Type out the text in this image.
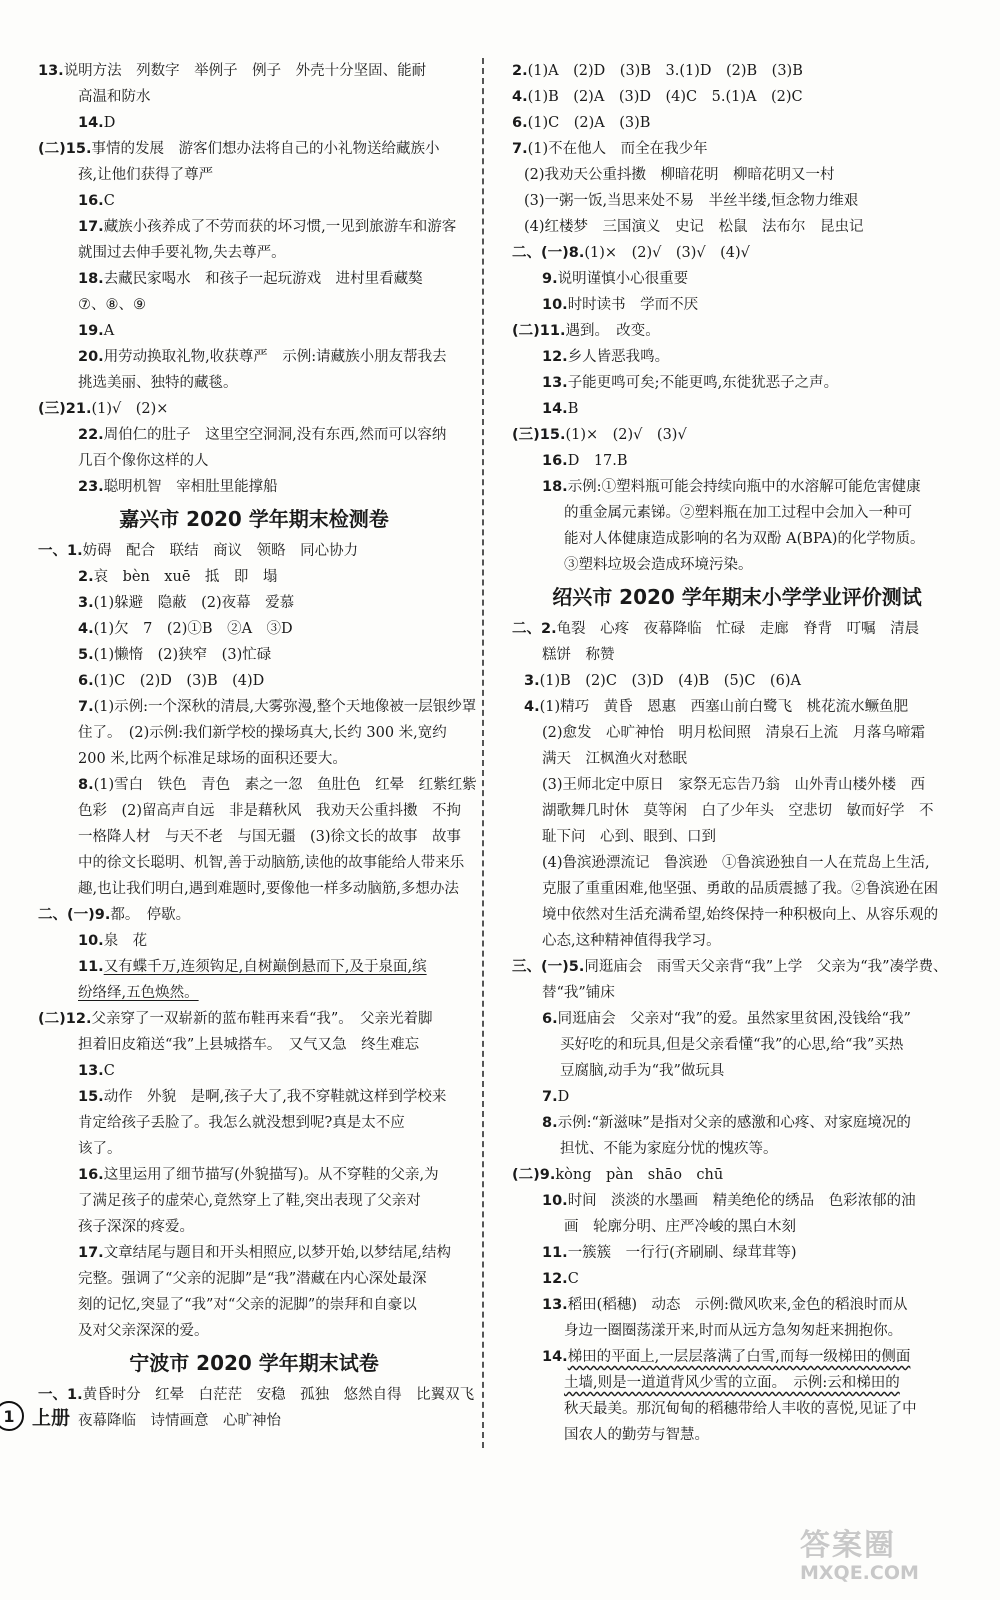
13.说明方法　列数字　举例子　例子　外壳十分坚固、能耐
高温和防水
14.D
(二)15.事情的发展　游客们想办法将自己的小礼物送给藏族小
孩,让他们获得了尊严
16.C
17.藏族小孩养成了不劳而获的坏习惯,一见到旅游车和游客
就围过去伸手要礼物,失去尊严。
18.去藏民家喝水　和孩子一起玩游戏　进村里看藏獒
⑦、⑧、⑨
19.A
20.用劳动换取礼物,收获尊严　示例:请藏族小朋友帮我去
挑选美丽、独特的藏毯。
(三)21.(1)√　(2)×
22.周伯仁的肚子　这里空空洞洞,没有东西,然而可以容纳
几百个像你这样的人
23.聪明机智　宰相肚里能撑船
嘉兴市 2020 学年期末检测卷
一、1.妨碍　配合　联结　商议　领略　同心协力
2.哀　bèn　xuē　抵　即　塌
3.(1)躲避　隐蔽　(2)夜幕　爱慕
4.(1)欠　7　(2)①B　②A　③D
5.(1)懒惰　(2)狭窄　(3)忙碌
6.(1)C　(2)D　(3)B　(4)D
7.(1)示例:一个深秋的清晨,大雾弥漫,整个天地像被一层银纱罩
住了。　(2)示例:我们新学校的操场真大,长约 300 米,宽约
200 米,比两个标准足球场的面积还要大。
8.(1)雪白　铁色　青色　素之一忽　鱼肚色　红晕　红紫红紫
色彩　(2)留高声自远　非是藉秋风　我劝天公重抖擞　不拘
一格降人材　与天不老　与国无疆　(3)徐文长的故事　故事
中的徐文长聪明、机智,善于动脑筋,读他的故事能给人带来乐
趣,也让我们明白,遇到难题时,要像他一样多动脑筋,多想办法
二、(一)9.都。　停歇。
10.泉　花
11.又有蝶千万,连须钩足,自树巅倒悬而下,及于泉面,缤
纷络绎,五色焕然。
(二)12.父亲穿了一双崭新的蓝布鞋再来看“我”。　父亲光着脚
担着旧皮箱送“我”上县城搭车。　又气又急　终生难忘
13.C
15.动作　外貌　是啊,孩子大了,我不穿鞋就这样到学校来
肯定给孩子丢脸了。我怎么就没想到呢?真是太不应
该了。
16.这里运用了细节描写(外貌描写)。从不穿鞋的父亲,为
了满足孩子的虚荣心,竟然穿上了鞋,突出表现了父亲对
孩子深深的疼爱。
17.文章结尾与题目和开头相照应,以梦开始,以梦结尾,结构
完整。强调了“父亲的泥脚”是“我”潜藏在内心深处最深
刻的记忆,突显了“我”对“父亲的泥脚”的崇拜和自豪以
及对父亲深深的爱。
宁波市 2020 学年期末试卷
一、1.黄昏时分　红晕　白茫茫　安稳　孤独　悠然自得　比翼双飞
夜幕降临　诗情画意　心旷神怡
2.(1)A　(2)D　(3)B　3.(1)D　(2)B　(3)B
4.(1)B　(2)A　(3)D　(4)C　5.(1)A　(2)C
6.(1)C　(2)A　(3)B
7.(1)不在他人　而全在我少年
(2)我劝天公重抖擞　柳暗花明　柳暗花明又一村
(3)一粥一饭,当思来处不易　半丝半缕,恒念物力维艰
(4)红楼梦　三国演义　史记　松鼠　法布尔　昆虫记
二、(一)8.(1)×　(2)√　(3)√　(4)√
9.说明谨慎小心很重要
10.时时读书　学而不厌
(二)11.遇到。　改变。
12.乡人皆恶我鸣。
13.子能更鸣可矣;不能更鸣,东徙犹恶子之声。
14.B
(三)15.(1)×　(2)√　(3)√
16.D　17.B
18.示例:①塑料瓶可能会持续向瓶中的水溶解可能危害健康
的重金属元素锑。②塑料瓶在加工过程中会加入一种可
能对人体健康造成影响的名为双酚 A(BPA)的化学物质。
③塑料垃圾会造成环境污染。
绍兴市 2020 学年期末小学学业评价测试
二、2.龟裂　心疼　夜幕降临　忙碌　走廊　脊背　叮嘱　清晨
糕饼　称赞
3.(1)B　(2)C　(3)D　(4)B　(5)C　(6)A
4.(1)精巧　黄昏　恩惠　西塞山前白鹭飞　桃花流水鳜鱼肥
(2)愈发　心旷神怡　明月松间照　清泉石上流　月落乌啼霜
满天　江枫渔火对愁眠
(3)王师北定中原日　家祭无忘告乃翁　山外青山楼外楼　西
湖歌舞几时休　莫等闲　白了少年头　空悲切　敏而好学　不
耻下问　心到、眼到、口到
(4)鲁滨逊漂流记　鲁滨逊　①鲁滨逊独自一人在荒岛上生活,
克服了重重困难,他坚强、勇敢的品质震撼了我。②鲁滨逊在困
境中依然对生活充满希望,始终保持一种积极向上、从容乐观的
心态,这种精神值得我学习。
三、(一)5.同逛庙会　雨雪天父亲背“我”上学　父亲为“我”凑学费、
替“我”铺床
6.同逛庙会　父亲对“我”的爱。虽然家里贫困,没钱给“我”
买好吃的和玩具,但是父亲看懂“我”的心思,给“我”买热
豆腐脑,动手为“我”做玩具
7.D
8.示例:“新滋味”是指对父亲的感激和心疼、对家庭境况的
担忧、不能为家庭分忧的愧疚等。
(二)9.kòng　pàn　shāo　chū
10.时间　淡淡的水墨画　精美绝伦的绣品　色彩浓郁的油
画　轮廓分明、庄严冷峻的黑白木刻
11.一簇簇　一行行(齐刷刷、绿茸茸等)
12.C
13.稻田(稻穗)　动态　示例:微风吹来,金色的稻浪时而从
身边一圈圈荡漾开来,时而从远方急匆匆赶来拥抱你。
14.梯田的平面上,一层层落满了白雪,而每一级梯田的侧面
土墙,则是一道道背风少雪的立面。　示例:云和梯田的
秋天最美。那沉甸甸的稻穗带给人丰收的喜悦,见证了中
国农人的勤劳与智慧。
1 上册
答案圈
MXQE.COM
